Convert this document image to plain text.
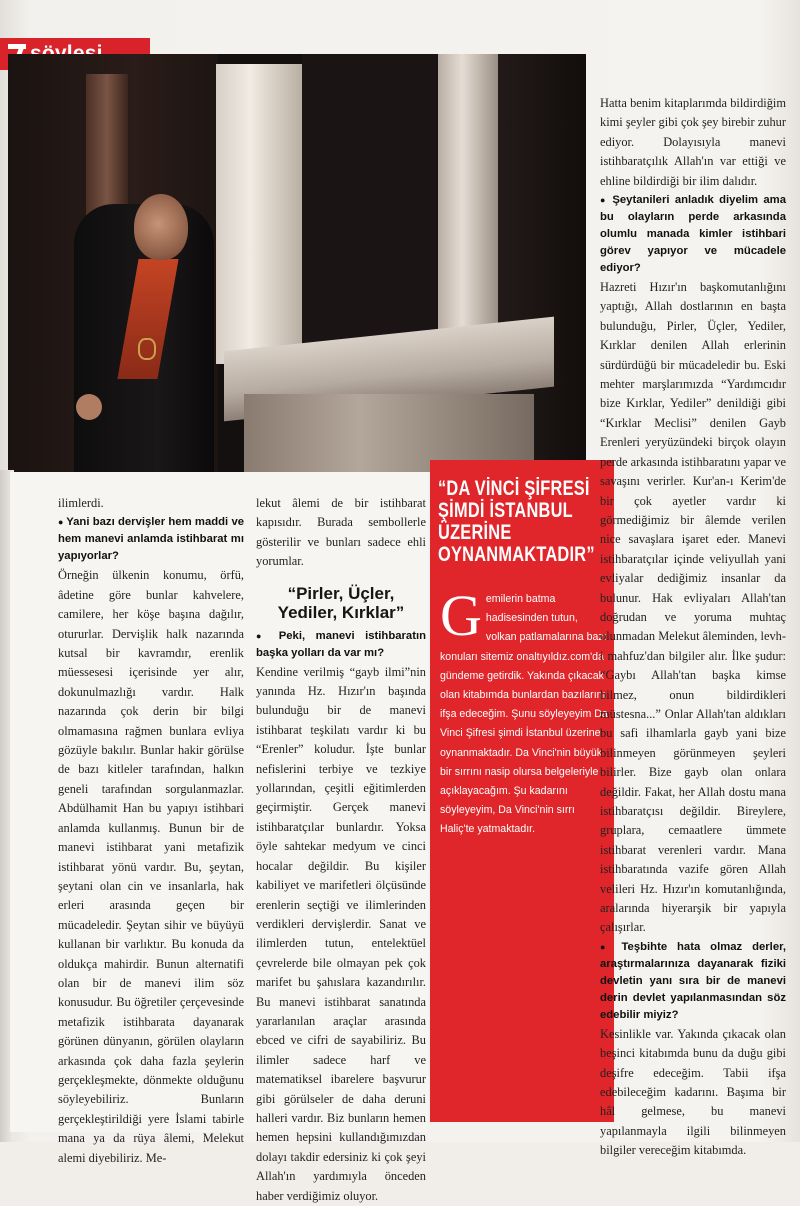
ilimlerdi.

● Yani bazı dervişler hem maddi ve hem manevi anlamda istihbarat mı yapıyorlar?

Örneğin ülkenin konumu, örfü, âdetine göre bunlar kahvelere, camilere, her köşe başına dağılır, otururlar. Dervişlik halk nazarında kutsal bir kavramdır, erenlik müessesesi içerisinde yer alır, dokunulmazlığı vardır. Halk nazarında çok derin bir bilgi olmamasına rağmen bunlara evliya gözüyle bakılır. Bunlar hakir görülse de bazı kitleler tarafından, halkın geneli tarafından sorgulanmazlar. Abdülhamit Han bu yapıyı istihbari anlamda kullanmış. Bunun bir de manevi istihbarat yani metafizik istihbarat yönü vardır. Bu, şeytan, şeytani olan cin ve insanlarla, hak erleri arasında geçen bir mücadeledir. Şeytan sihir ve büyüyü kullanan bir varlıktır. Bu konuda da oldukça mahirdir. Bunun alternatifi olan bir de manevi ilim söz konusudur. Bu öğretiler çerçevesinde metafizik istihbarata dayanarak görünen dünyanın, görülen olayların arkasında çok daha fazla şeylerin gerçekleşmekte, dönmekte olduğunu söyleyebiliriz. Bunların gerçekleştirildiği yere İslami tabirle mana ya da rüya âlemi, Melekut alemi diyebiliriz. Me-

lekut âlemi de bir istihbarat kapısıdır. Burada sembollerle gösterilir ve bunları sadece ehli yorumlar.

“Pirler, Üçler, Yediler, Kırklar”

● Peki, manevi istihbaratın başka yolları da var mı?

Kendine verilmiş “gayb ilmi”nin yanında Hz. Hızır'ın başında bulunduğu bir de manevi istihbarat teşkilatı vardır ki bu “Erenler” koludur. İşte bunlar nefislerini terbiye ve tezkiye yollarından, çeşitli eğitimlerden geçirmiştir. Gerçek manevi istihbaratçılar bunlardır. Yoksa öyle sahtekar medyum ve cinci hocalar değildir. Bu kişiler kabiliyet ve marifetleri ölçüsünde erenlerin seçtiği ve ilimlerinden verdikleri dervişlerdir. Sanat ve ilimlerden tutun, entelektüel çevrelerde bile olmayan pek çok marifet bu şahıslara kazandırılır. Bu manevi istihbarat sanatında yararlanılan araçlar arasında ebced ve cifri de sayabiliriz. Bu ilimler sadece harf ve matematiksel ibarelere başvurur gibi görülseler de daha deruni halleri vardır. Biz bunların hemen hemen hepsini kullandığımızdan dolayı takdir edersiniz ki çok şeyi Allah'ın yardımıyla önceden haber verdiğimiz oluyor.

“DA VİNCİ ŞİFRESİ ŞİMDİ İSTANBUL ÜZERİNE OYNANMAKTADIR”
G emilerin batma hadisesinden tutun, volkan patlamalarına bazı konuları sitemiz onaltıyıldız.com'da gündeme getirdik. Yakında çıkacak olan kitabımda bunlardan bazılarını ifşa edeceğim. Şunu söyleyeyim Da Vinci Şifresi şimdi İstanbul üzerine oynanmaktadır. Da Vinci'nin büyük bir sırrını nasip olursa belgeleriyle açıklayacağım. Şu kadarını söyleyeyim, Da Vinci'nin sırrı Haliç'te yatmaktadır.

Hatta benim kitaplarımda bildirdiğim kimi şeyler gibi çok şey birebir zuhur ediyor. Dolayısıyla manevi istihbaratçılık Allah'ın var ettiği ve ehline bildirdiği bir ilim dalıdır.

● Şeytanileri anladık diyelim ama bu olayların perde arkasında olumlu manada kimler istihbari görev yapıyor ve mücadele ediyor?

Hazreti Hızır'ın başkomutanlığını yaptığı, Allah dostlarının en başta bulunduğu, Pirler, Üçler, Yediler, Kırklar denilen Allah erlerinin sürdürdüğü bir mücadeledir bu. Eski mehter marşlarımızda “Yardımcıdır bize Kırklar, Yediler” denildiği gibi “Kırklar Meclisi” denilen Gayb Erenleri yeryüzündeki birçok olayın perde arkasında istihbaratını yapar ve savaşını verirler. Kur'an-ı Kerim'de bir çok ayetler vardır ki görmediğimiz bir âlemde verilen nice savaşlara işaret eder. Manevi istihbaratçılar içinde veliyullah yani evliyalar dediğimiz insanlar da bulunur. Hak evliyaları Allah'tan doğrudan ve yoruma muhtaç olunmadan Melekut âleminden, levh-i mahfuz'dan bilgiler alır. İlke şudur: “Gaybı Allah'tan başka kimse bilmez, onun bildirdikleri müstesna...” Onlar Allah'tan aldıkları bu safi ilhamlarla gayb yani bize bilinmeyen görünmeyen şeyleri bilirler. Bize gayb olan onlara değildir. Fakat, her Allah dostu mana istihbaratçısı değildir. Bireylere, gruplara, cemaatlere ümmete istihbarat verenleri vardır. Mana istihbaratında vazife gören Allah velileri Hz. Hızır'ın komutanlığında, aralarında hiyerarşik bir yapıyla çalışırlar.

● Teşbihte hata olmaz derler, araştırmalarınıza dayanarak fiziki devletin yanı sıra bir de manevi derin devlet yapılanmasından söz edebilir miyiz?

Kesinlikle var. Yakında çıkacak olan beşinci kitabımda bunu da duğu gibi deşifre edeceğim. Tabii ifşa edebileceğim kadarını. Başıma bir hâl gelmese, bu manevi yapılanmayla ilgili bilinmeyen bilgiler vereceğim kitabımda.
